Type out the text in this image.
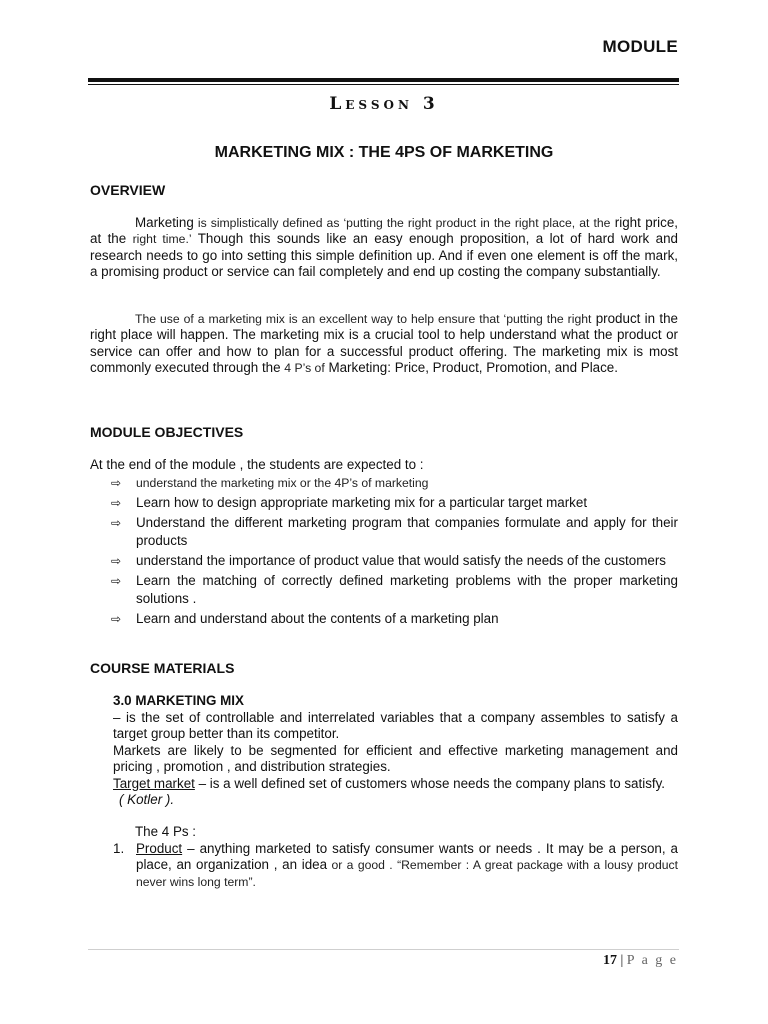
MODULE
Lesson 3
MARKETING MIX : THE 4PS OF MARKETING
OVERVIEW
Marketing is simplistically defined as ‘putting the right product in the right place, at the right price, at the right time.’ Though this sounds like an easy enough proposition, a lot of hard work and research needs to go into setting this simple definition up. And if even one element is off the mark, a promising product or service can fail completely and end up costing the company substantially.
The use of a marketing mix is an excellent way to help ensure that ‘putting the right product in the right place will happen. The marketing mix is a crucial tool to help understand what the product or service can offer and how to plan for a successful product offering. The marketing mix is most commonly executed through the 4 P’s of Marketing: Price, Product, Promotion, and Place.
MODULE OBJECTIVES
At the end of the module , the students are expected to :
⇨	understand the marketing mix or the 4P’s of marketing
⇨	Learn how to design appropriate marketing mix for a particular target market
⇨	Understand the different marketing program that companies formulate and apply for their products
⇨	understand the importance of product value that would satisfy the needs of the customers
⇨	Learn the matching of correctly defined marketing problems with the proper marketing solutions .
⇨	Learn and understand about the contents of a marketing plan
COURSE MATERIALS
3.0 MARKETING MIX

– is the set of controllable and interrelated variables that a company assembles to satisfy a target group better than its competitor.

Markets are likely to be segmented for efficient and effective marketing management and pricing , promotion , and distribution strategies.

Target market – is a well defined set of customers whose needs the company plans to satisfy.

( Kotler ).

The 4 Ps :
1. Product – anything marketed to satisfy consumer wants or needs . It may be a person, a place, an organization , an idea or a good . “Remember : A great package with a lousy product never wins long term”.
17 | P a g e
